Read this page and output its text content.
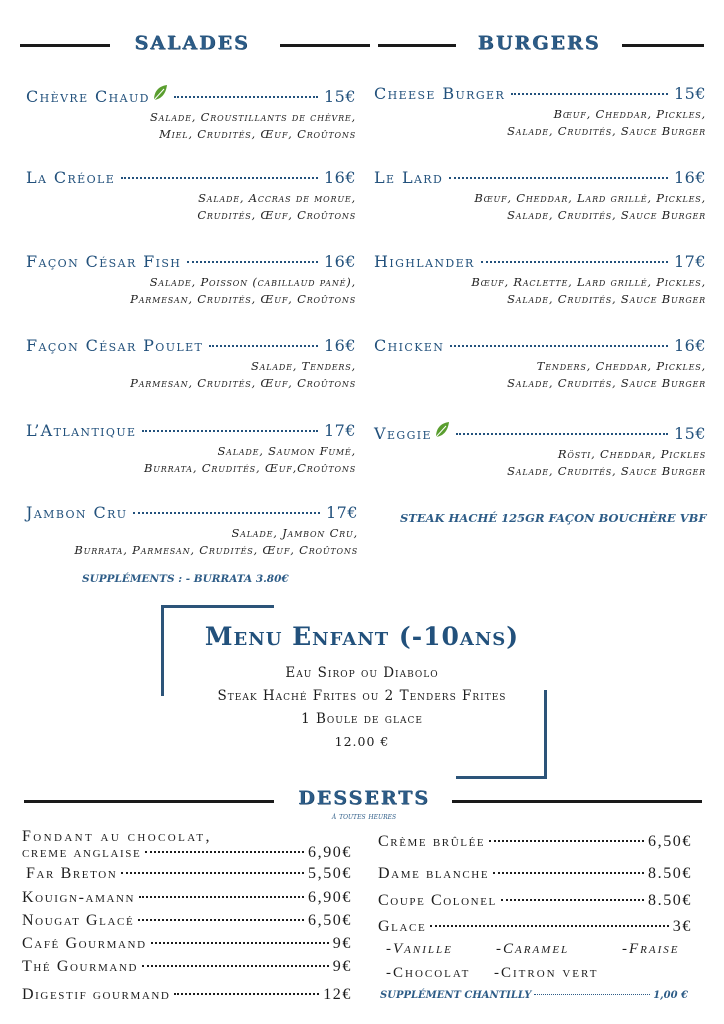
SALADES	BURGERS
Chèvre Chaud	15€
Salade, Croustillants de chèvre,
Miel, Crudités, Œuf, Croûtons
La Créole	16€
Salade, Accras de morue,
Crudités, Œuf, Croûtons
Façon César Fish	16€
Salade, Poisson (cabillaud pané),
Parmesan, Crudités, Œuf, Croûtons
Façon César Poulet	16€
Salade, Tenders,
Parmesan, Crudités, Œuf, Croûtons
L’Atlantique	17€
Salade, Saumon Fumé,
Burrata, Crudités, Œuf,Croûtons
Jambon Cru	17€
Salade, Jambon Cru,
Burrata, Parmesan, Crudités, Œuf, Croûtons
SUPPLÉMENTS : - BURRATA 3.80€
Cheese Burger	15€
Bœuf, Cheddar, Pickles,
Salade, Crudités, Sauce Burger
Le Lard	16€
Bœuf, Cheddar, Lard grillé, Pickles,
Salade, Crudités, Sauce Burger
Highlander	17€
Bœuf, Raclette, Lard grillé, Pickles,
Salade, Crudités, Sauce Burger
Chicken	16€
Tenders, Cheddar, Pickles,
Salade, Crudités, Sauce Burger
Veggie	15€
Rösti, Cheddar, Pickles
Salade, Crudités, Sauce Burger
STEAK HACHÉ 125GR FAÇON BOUCHÈRE VBF
Menu Enfant (-10ans)
Eau Sirop ou Diabolo
Steak Haché Frites ou 2 Tenders Frites
1 Boule de glace
12.00 €
DESSERTS
à toutes heures
Fondant au chocolat,
creme anglaise	6,90€
Far Breton	5,50€
Kouign-amann	6,90€
Nougat Glacé	6,50€
Café Gourmand	9€
Thé Gourmand	9€
Digestif gourmand	12€
Crème brûlée	6,50€
Dame blanche	8.50€
Coupe Colonel	8.50€
Glace	3€
-Vanille	-Caramel	-Fraise
-Chocolat -Citron vert
SUPPLÉMENT CHANTILLY	1,00 €
